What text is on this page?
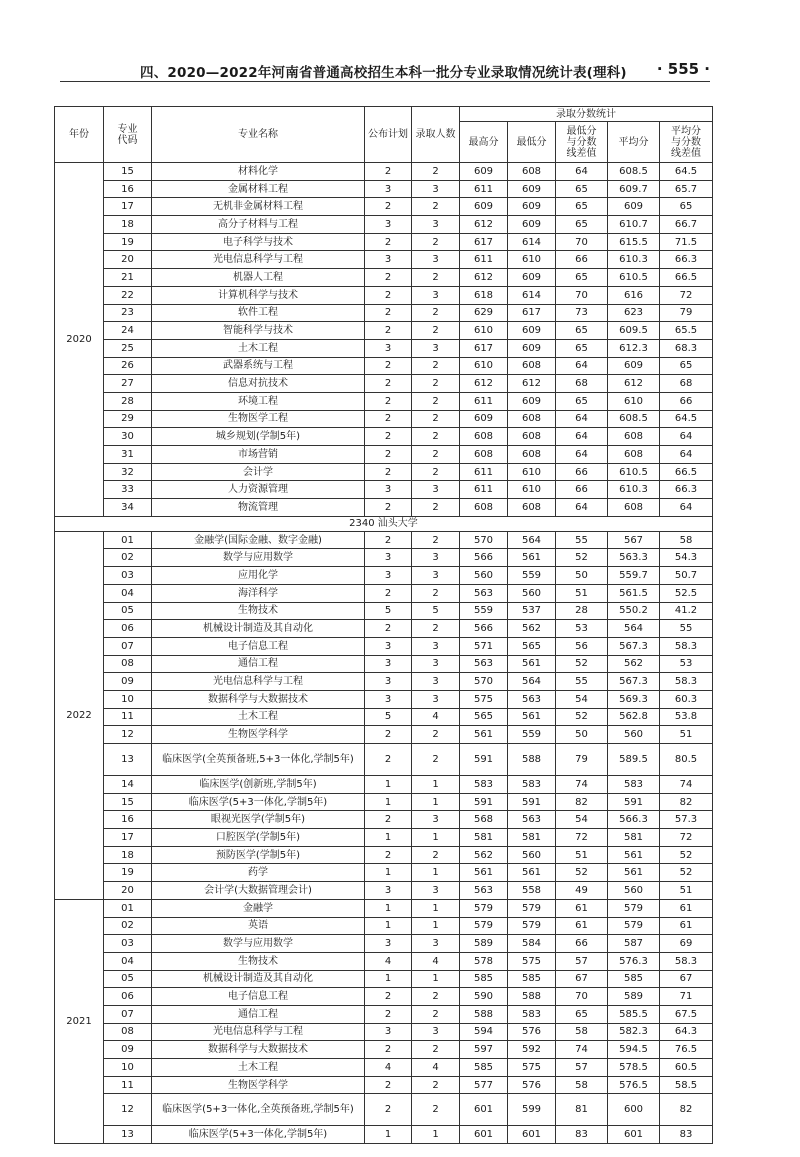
四、2020—2022年河南省普通高校招生本科一批分专业录取情况统计表(理科) · 555 ·
年份	专业代码	专业名称	公布计划	录取人数	录取分数统计				
					最高分	最低分	最低分与分数线差值	平均分	平均分与分数线差值

2020	15	材料化学	2	2	609	608	64	608.5	64.5
	16	金属材料工程	3	3	611	609	65	609.7	65.7
	17	无机非金属材料工程	2	2	609	609	65	609	65
	18	高分子材料与工程	3	3	612	609	65	610.7	66.7
	19	电子科学与技术	2	2	617	614	70	615.5	71.5
	20	光电信息科学与工程	3	3	611	610	66	610.3	66.3
	21	机器人工程	2	2	612	609	65	610.5	66.5
	22	计算机科学与技术	2	3	618	614	70	616	72
	23	软件工程	2	2	629	617	73	623	79
	24	智能科学与技术	2	2	610	609	65	609.5	65.5
	25	土木工程	3	3	617	609	65	612.3	68.3
	26	武器系统与工程	2	2	610	608	64	609	65
	27	信息对抗技术	2	2	612	612	68	612	68
	28	环境工程	2	2	611	609	65	610	66
	29	生物医学工程	2	2	609	608	64	608.5	64.5
	30	城乡规划(学制5年)	2	2	608	608	64	608	64
	31	市场营销	2	2	608	608	64	608	64
	32	会计学	2	2	611	610	66	610.5	66.5
	33	人力资源管理	3	3	611	610	66	610.3	66.3
	34	物流管理	2	2	608	608	64	608	64
2340 汕头大学									
2022	01	金融学(国际金融、数字金融)	2	2	570	564	55	567	58
	02	数学与应用数学	3	3	566	561	52	563.3	54.3
	03	应用化学	3	3	560	559	50	559.7	50.7
	04	海洋科学	2	2	563	560	51	561.5	52.5
	05	生物技术	5	5	559	537	28	550.2	41.2
	06	机械设计制造及其自动化	2	2	566	562	53	564	55
	07	电子信息工程	3	3	571	565	56	567.3	58.3
	08	通信工程	3	3	563	561	52	562	53
	09	光电信息科学与工程	3	3	570	564	55	567.3	58.3
	10	数据科学与大数据技术	3	3	575	563	54	569.3	60.3
	11	土木工程	5	4	565	561	52	562.8	53.8
	12	生物医学科学	2	2	561	559	50	560	51
	13	临床医学(全英预备班,5+3一体化,学制5年)	2	2	591	588	79	589.5	80.5
	14	临床医学(创新班,学制5年)	1	1	583	583	74	583	74
	15	临床医学(5+3一体化,学制5年)	1	1	591	591	82	591	82
	16	眼视光医学(学制5年)	2	3	568	563	54	566.3	57.3
	17	口腔医学(学制5年)	1	1	581	581	72	581	72
	18	预防医学(学制5年)	2	2	562	560	51	561	52
	19	药学	1	1	561	561	52	561	52
	20	会计学(大数据管理会计)	3	3	563	558	49	560	51
2021	01	金融学	1	1	579	579	61	579	61
	02	英语	1	1	579	579	61	579	61
	03	数学与应用数学	3	3	589	584	66	587	69
	04	生物技术	4	4	578	575	57	576.3	58.3
	05	机械设计制造及其自动化	1	1	585	585	67	585	67
	06	电子信息工程	2	2	590	588	70	589	71
	07	通信工程	2	2	588	583	65	585.5	67.5
	08	光电信息科学与工程	3	3	594	576	58	582.3	64.3
	09	数据科学与大数据技术	2	2	597	592	74	594.5	76.5
	10	土木工程	4	4	585	575	57	578.5	60.5
	11	生物医学科学	2	2	577	576	58	576.5	58.5
	12	临床医学(5+3一体化,全英预备班,学制5年)	2	2	601	599	81	600	82
	13	临床医学(5+3一体化,学制5年)	1	1	601	601	83	601	83
